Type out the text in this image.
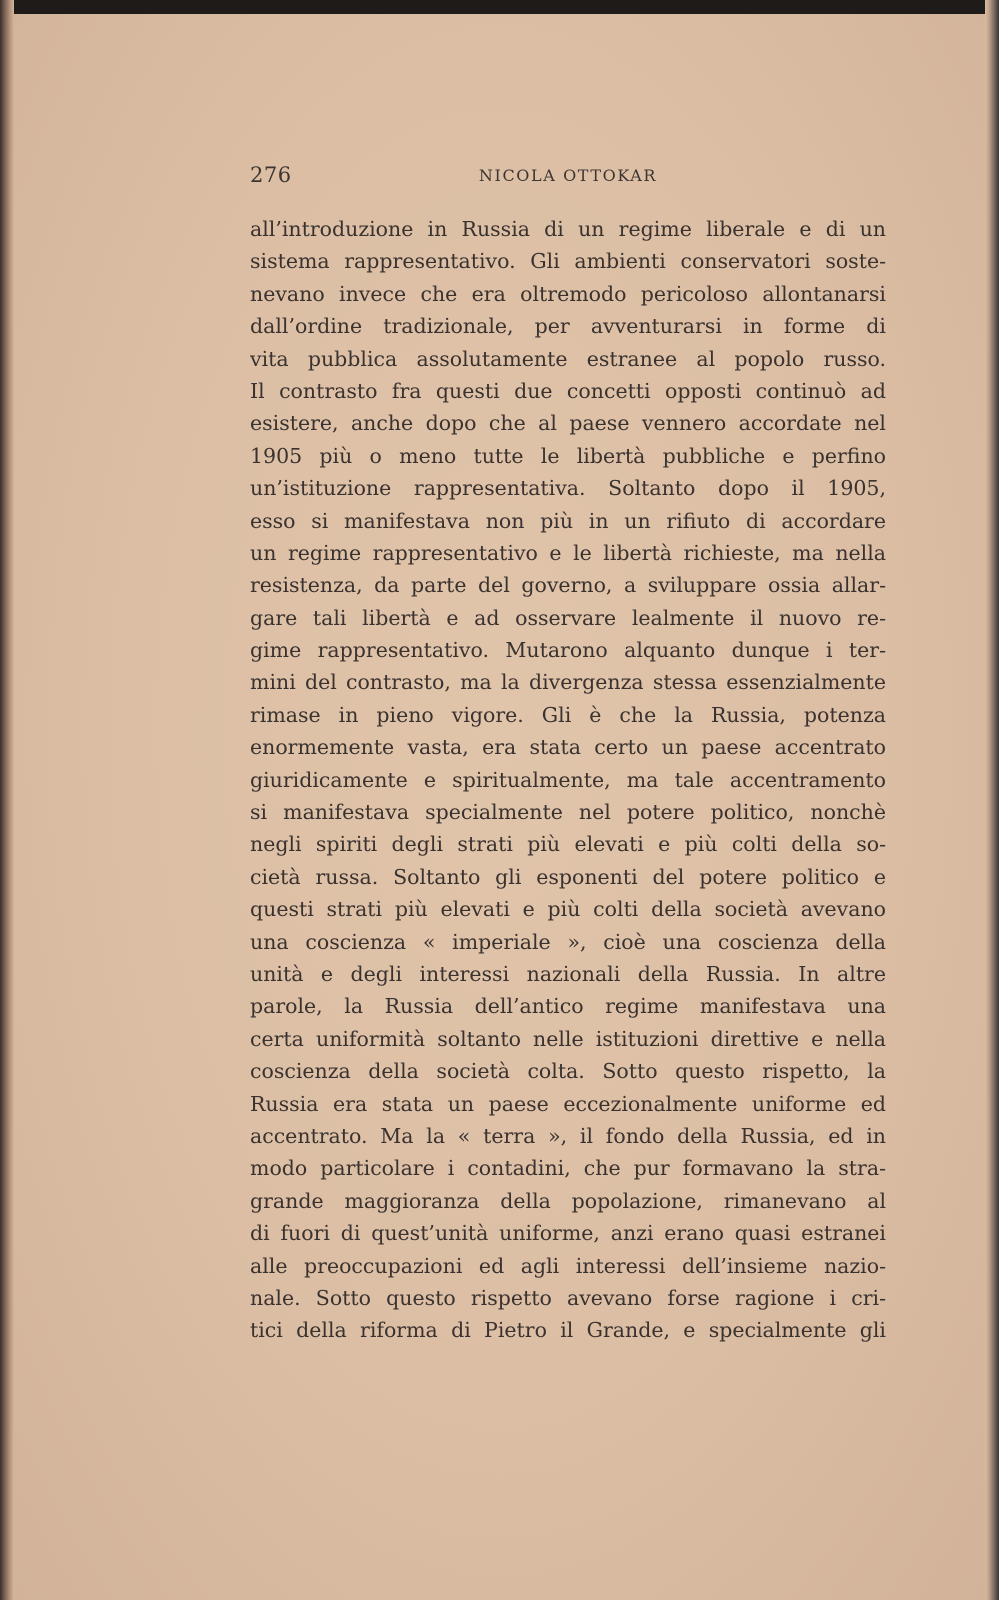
276	NICOLA OTTOKAR
all’introduzione in Russia di un regime liberale e di un
sistema rappresentativo. Gli ambienti conservatori soste-
nevano invece che era oltremodo pericoloso allontanarsi
dall’ordine tradizionale, per avventurarsi in forme di
vita pubblica assolutamente estranee al popolo russo.
Il contrasto fra questi due concetti opposti continuò ad
esistere, anche dopo che al paese vennero accordate nel
1905 più o meno tutte le libertà pubbliche e perfino
un’istituzione rappresentativa. Soltanto dopo il 1905,
esso si manifestava non più in un rifiuto di accordare
un regime rappresentativo e le libertà richieste, ma nella
resistenza, da parte del governo, a sviluppare ossia allar-
gare tali libertà e ad osservare lealmente il nuovo re-
gime rappresentativo. Mutarono alquanto dunque i ter-
mini del contrasto, ma la divergenza stessa essenzialmente
rimase in pieno vigore. Gli è che la Russia, potenza
enormemente vasta, era stata certo un paese accentrato
giuridicamente e spiritualmente, ma tale accentramento
si manifestava specialmente nel potere politico, nonchè
negli spiriti degli strati più elevati e più colti della so-
cietà russa. Soltanto gli esponenti del potere politico e
questi strati più elevati e più colti della società avevano
una coscienza « imperiale », cioè una coscienza della
unità e degli interessi nazionali della Russia. In altre
parole, la Russia dell’antico regime manifestava una
certa uniformità soltanto nelle istituzioni direttive e nella
coscienza della società colta. Sotto questo rispetto, la
Russia era stata un paese eccezionalmente uniforme ed
accentrato. Ma la « terra », il fondo della Russia, ed in
modo particolare i contadini, che pur formavano la stra-
grande maggioranza della popolazione, rimanevano al
di fuori di quest’unità uniforme, anzi erano quasi estranei
alle preoccupazioni ed agli interessi dell’insieme nazio-
nale. Sotto questo rispetto avevano forse ragione i cri-
tici della riforma di Pietro il Grande, e specialmente gli
